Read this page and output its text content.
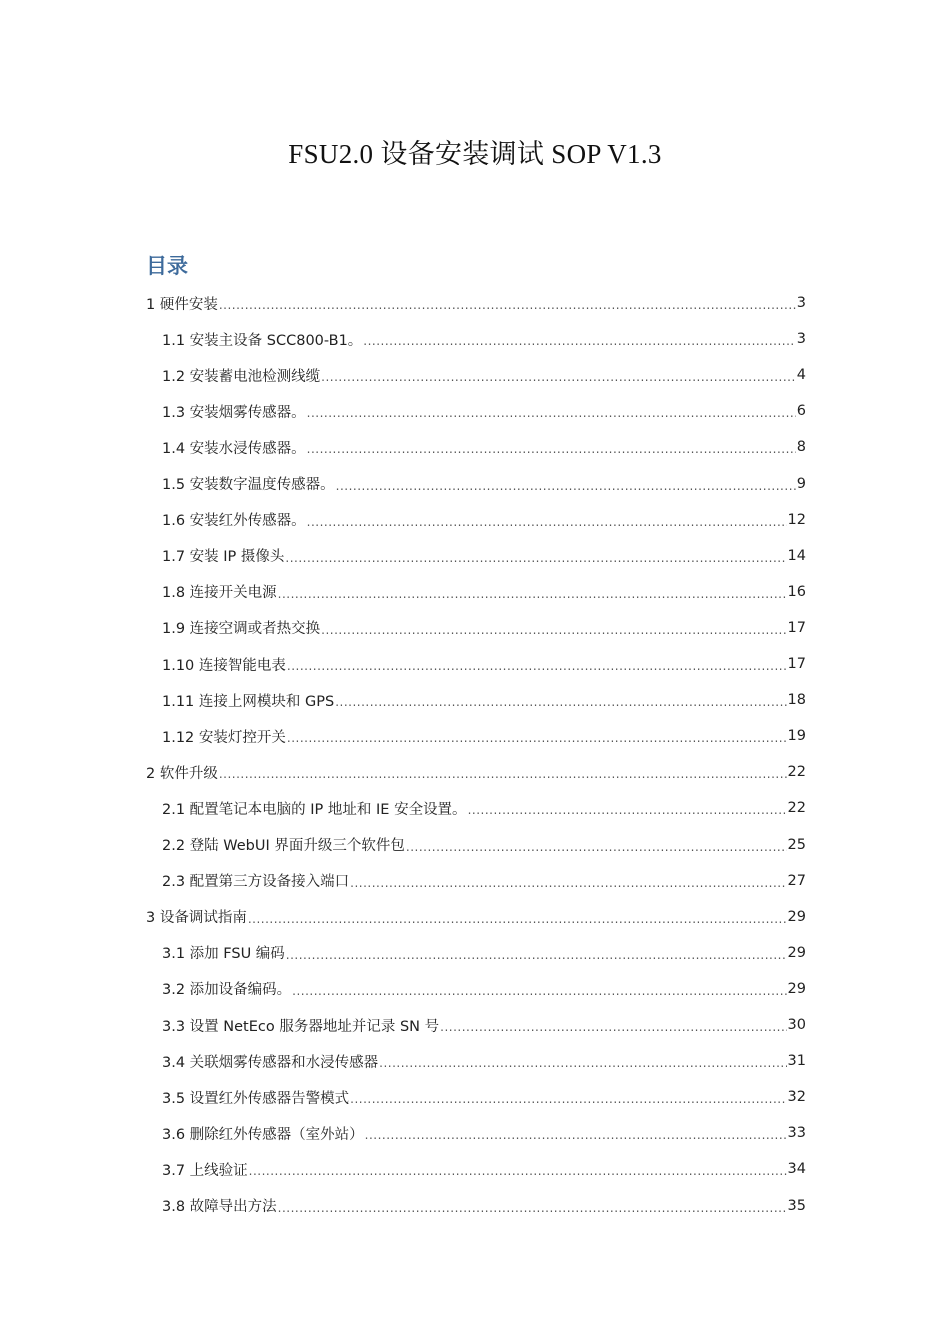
FSU2.0 设备安装调试 SOP V1.3
目录
1 硬件安装 .....	3
1.1 安装主设备 SCC800-B1。 .....	3
1.2 安装蓄电池检测线缆 .....	4
1.3 安装烟雾传感器。 .....	6
1.4 安装水浸传感器。 .....	8
1.5 安装数字温度传感器。 .....	9
1.6 安装红外传感器。 .....	12
1.7 安装 IP 摄像头 .....	14
1.8 连接开关电源 .....	16
1.9 连接空调或者热交换 .....	17
1.10 连接智能电表 .....	17
1.11 连接上网模块和 GPS .....	18
1.12 安装灯控开关 .....	19
2 软件升级 .....	22
2.1 配置笔记本电脑的 IP 地址和 IE 安全设置。 .....	22
2.2 登陆 WebUI 界面升级三个软件包 .....	25
2.3 配置第三方设备接入端口 .....	27
3 设备调试指南 .....	29
3.1 添加 FSU 编码 .....	29
3.2 添加设备编码。 .....	29
3.3 设置 NetEco 服务器地址并记录 SN 号 .....	30
3.4 关联烟雾传感器和水浸传感器 .....	31
3.5 设置红外传感器告警模式 .....	32
3.6 删除红外传感器（室外站） .....	33
3.7 上线验证 .....	34
3.8 故障导出方法 .....	35
